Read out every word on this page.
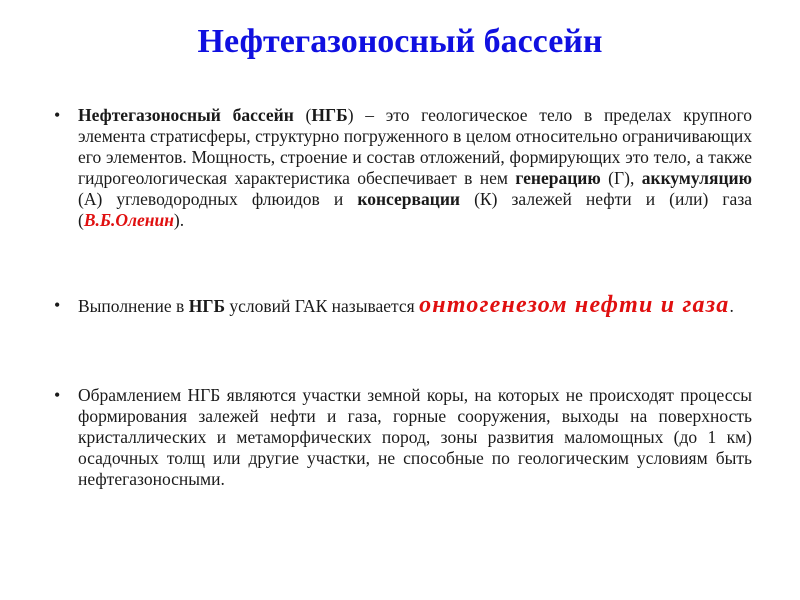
Нефтегазоносный бассейн
• Нефтегазоносный бассейн (НГБ) – это геологическое тело в пределах крупного элемента стратисферы, структурно погруженного в целом относительно ограничивающих его элементов. Мощность, строение и состав отложений, формирующих это тело, а также гидрогеологическая характеристика обеспечивает в нем генерацию (Г), аккумуляцию (А) углеводородных флюидов и консервации (К) залежей нефти и (или) газа (В.Б.Оленин).
• Выполнение в НГБ условий ГАК называется онтогенезом нефти и газа.
• Обрамлением НГБ являются участки земной коры, на которых не происходят процессы формирования залежей нефти и газа, горные сооружения, выходы на поверхность кристаллических и метаморфических пород, зоны развития маломощных (до 1 км) осадочных толщ или другие участки, не способные по геологическим условиям быть нефтегазоносными.
